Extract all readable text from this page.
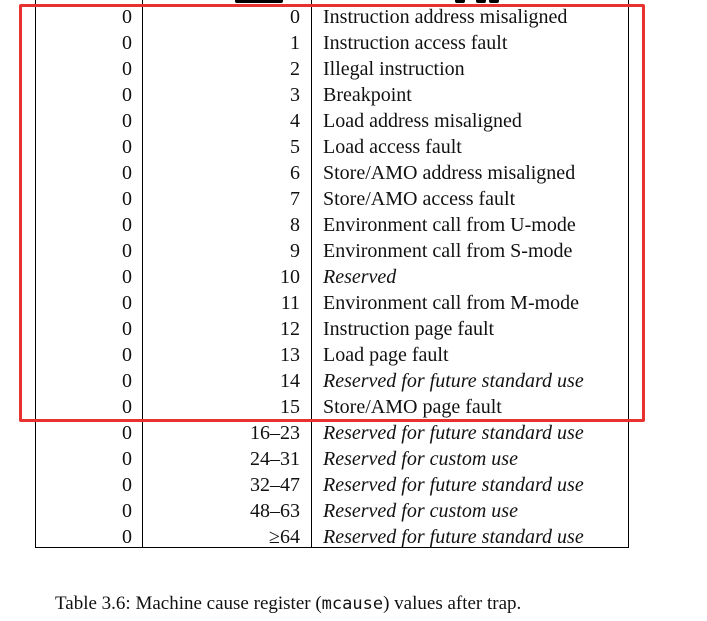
0	0 Instruction address misaligned
0	1 Instruction access fault
0	2 Illegal instruction
0	3 Breakpoint
0	4 Load address misaligned
0	5 Load access fault
0	6 Store/AMO address misaligned
0	7 Store/AMO access fault
0	8 Environment call from U-mode
0	9 Environment call from S-mode
0	10 Reserved
0	11 Environment call from M-mode
0	12 Instruction page fault
0	13 Load page fault
0	14 Reserved for future standard use
0	15 Store/AMO page fault
0	16–23 Reserved for future standard use
0	24–31 Reserved for custom use
0	32–47 Reserved for future standard use
0	48–63 Reserved for custom use
0	≥64 Reserved for future standard use
Table 3.6: Machine cause register (mcause) values after trap.
